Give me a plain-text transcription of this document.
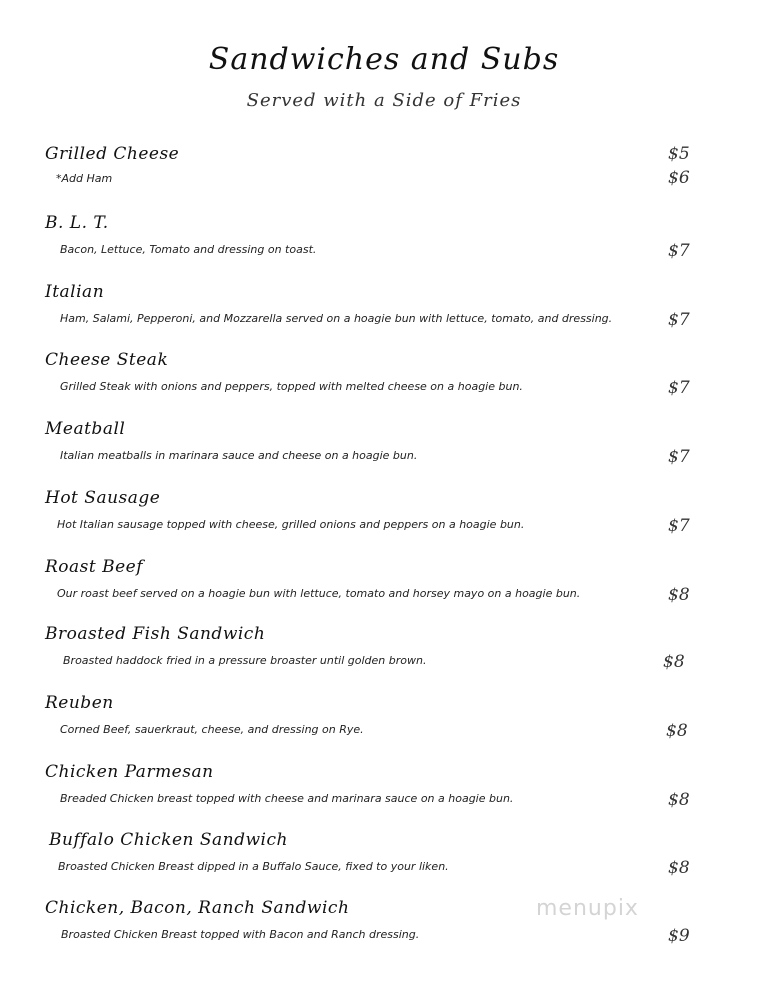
Sandwiches and Subs
Served with a Side of Fries
Grilled Cheese	$5
*Add Ham	$6
B. L. T.
Bacon, Lettuce, Tomato and dressing on toast.	$7
Italian
Ham, Salami, Pepperoni, and Mozzarella served on a hoagie bun with lettuce, tomato, and dressing.	$7
Cheese Steak
Grilled Steak with onions and peppers, topped with melted cheese on a hoagie bun.	$7
Meatball
Italian meatballs in marinara sauce and cheese on a hoagie bun.	$7
Hot Sausage
Hot Italian sausage topped with cheese, grilled onions and peppers on a hoagie bun.	$7
Roast Beef
Our roast beef served on a hoagie bun with lettuce, tomato and horsey mayo on a hoagie bun.	$8
Broasted Fish Sandwich
Broasted haddock fried in a pressure broaster until golden brown.	$8
Reuben
Corned Beef, sauerkraut, cheese, and dressing on Rye.	$8
Chicken Parmesan
Breaded Chicken breast topped with cheese and marinara sauce on a hoagie bun.	$8
Buffalo Chicken Sandwich
Broasted Chicken Breast dipped in a Buffalo Sauce, fixed to your liken.	$8
Chicken, Bacon, Ranch Sandwich
Broasted Chicken Breast topped with Bacon and Ranch dressing.	$9
menupix
